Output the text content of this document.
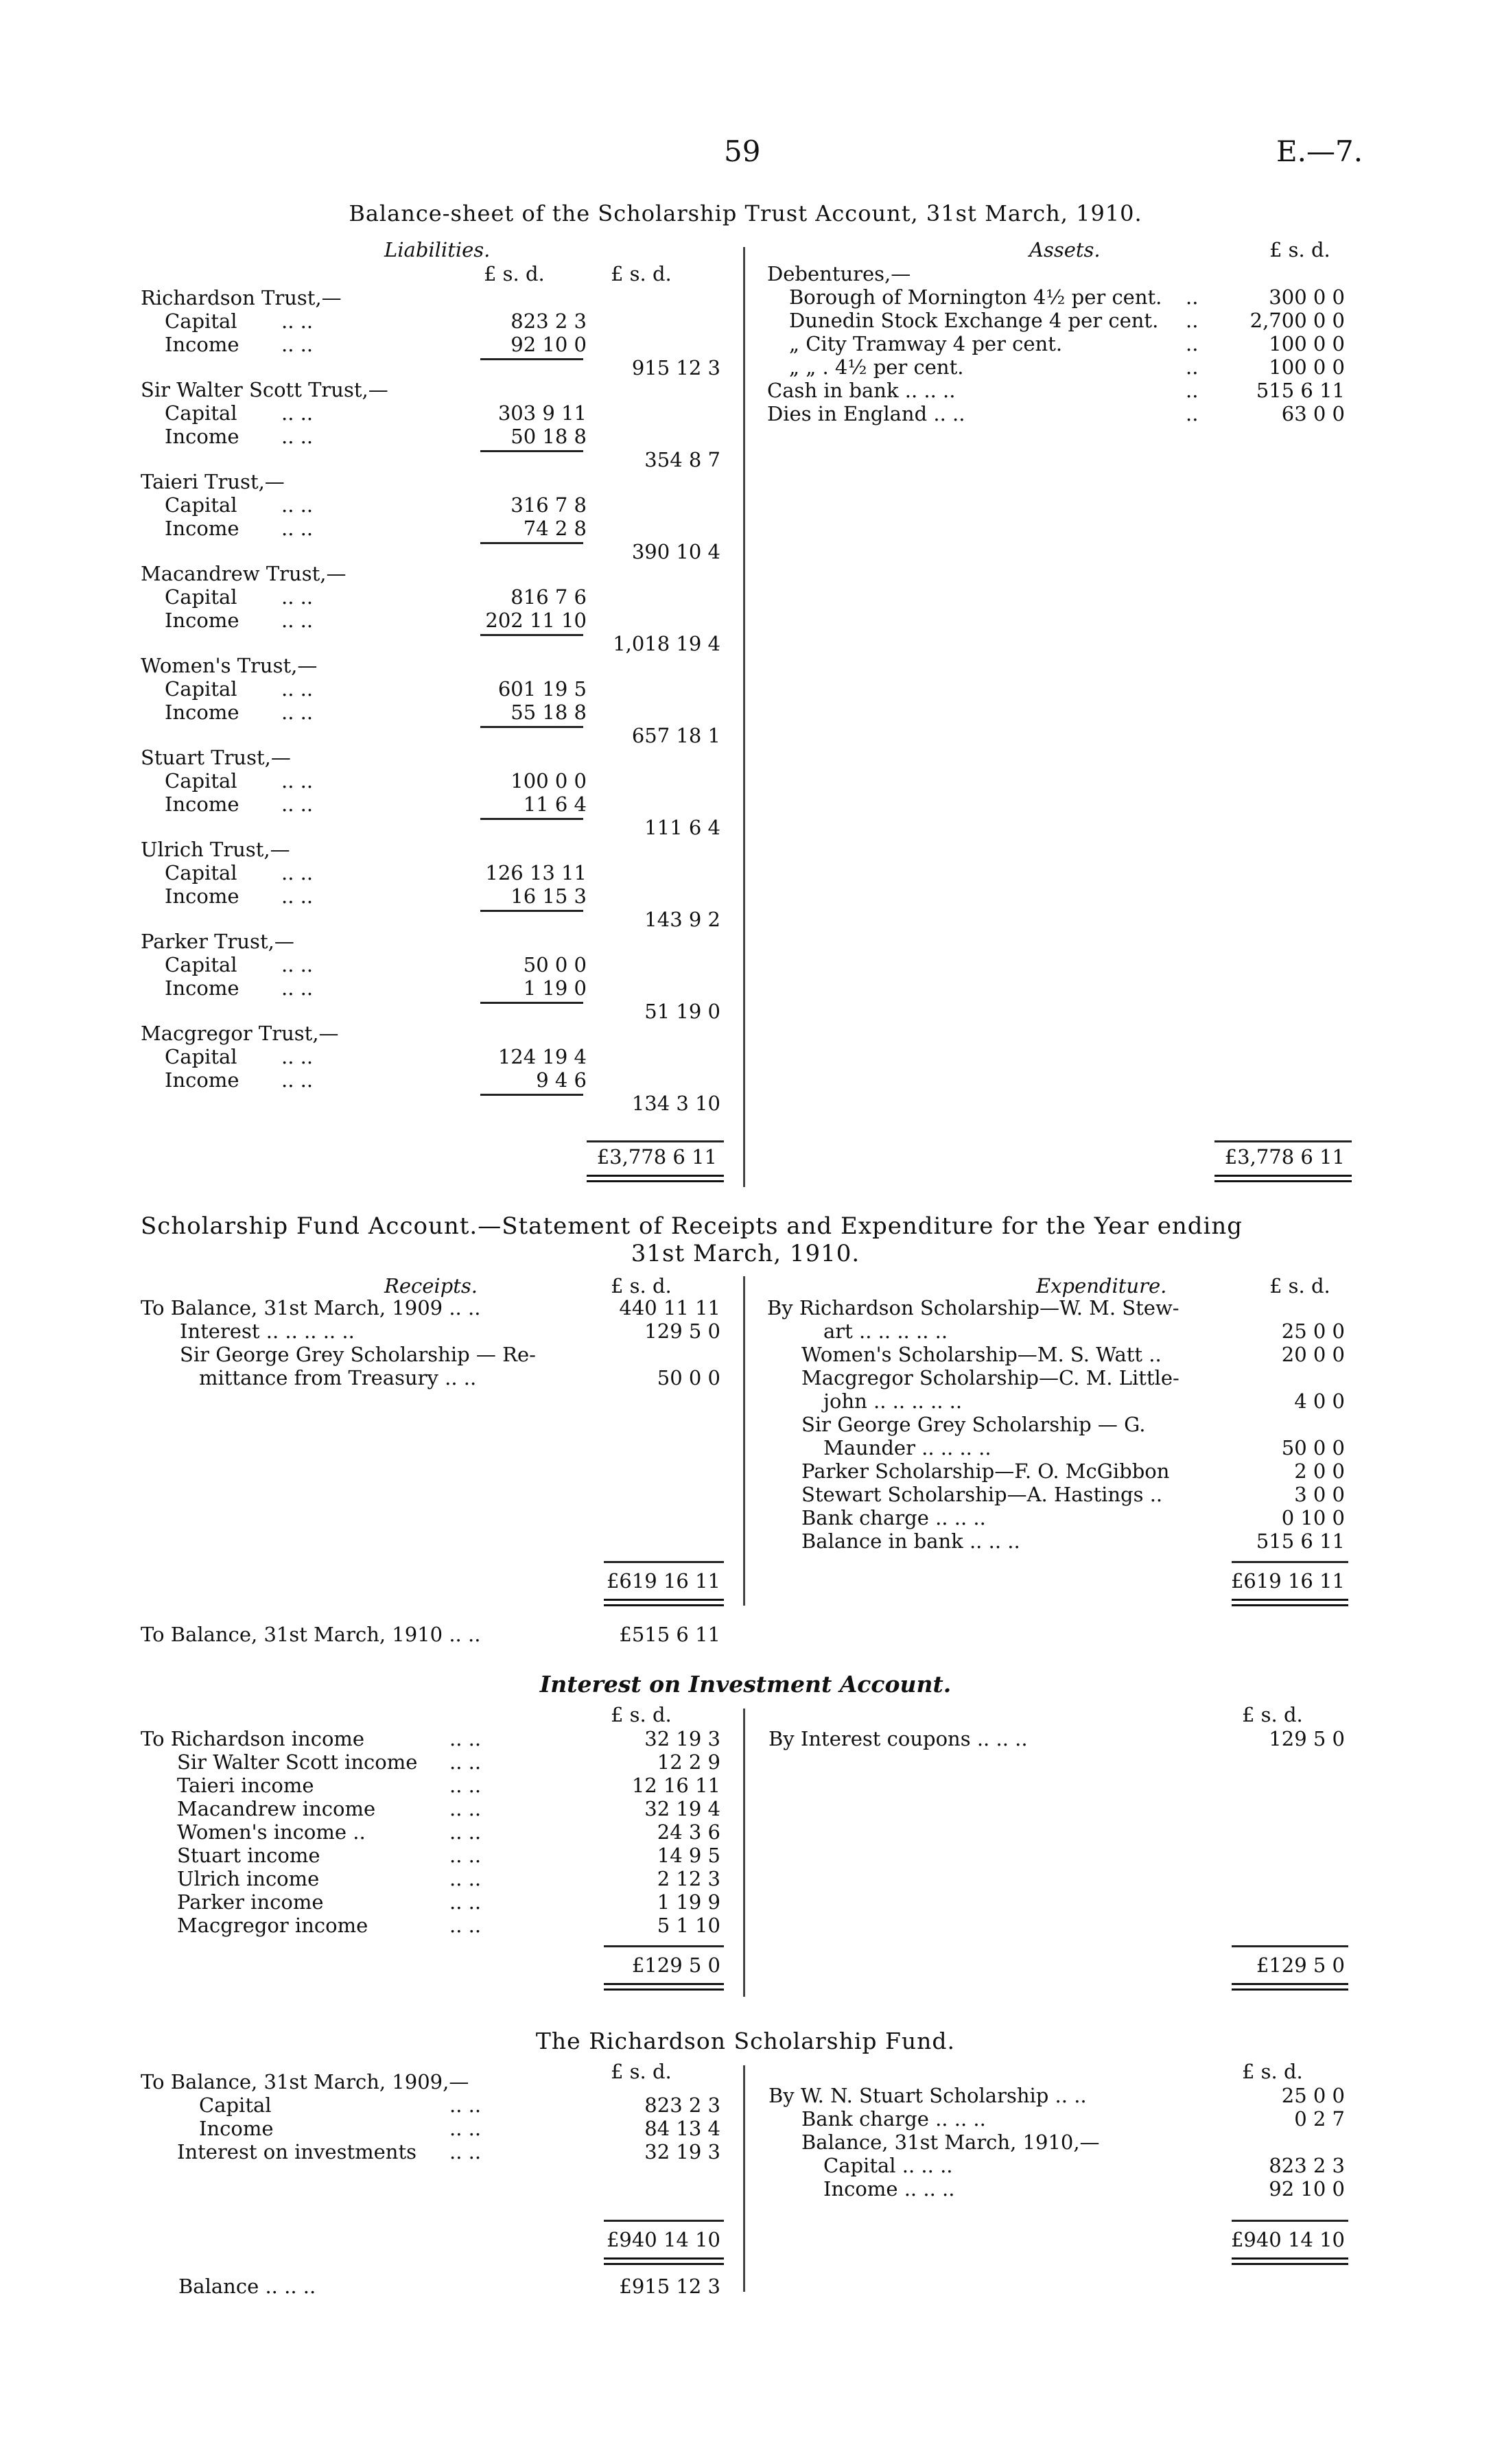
59	E.—7.
Balance-sheet of the Scholarship Trust Account, 31st March, 1910.
Liabilities.
£ s. d.	£ s. d.
Assets.	£ s. d.
Richardson Trust,—
Capital .. ..	823 2 3
Income .. ..	92 10 0
915 12 3
Sir Walter Scott Trust,—
Capital .. ..	303 9 11
Income .. ..	50 18 8
354 8 7
Taieri Trust,—
Capital .. ..	316 7 8
Income .. ..	74 2 8
390 10 4
Macandrew Trust,—
Capital .. ..	816 7 6
Income .. ..	202 11 10
1,018 19 4
Women's Trust,—
Capital .. ..	601 19 5
Income .. ..	55 18 8
657 18 1
Stuart Trust,—
Capital .. ..	100 0 0
Income .. ..	11 6 4
111 6 4
Ulrich Trust,—
Capital .. ..	126 13 11
Income .. ..	16 15 3
143 9 2
Parker Trust,—
Capital .. ..	50 0 0
Income .. ..	1 19 0
51 19 0
Macgregor Trust,—
Capital .. ..	124 19 4
Income .. ..	9 4 6
134 3 10
£3,778 6 11
Debentures,—
Borough of Mornington 4½ per cent. ..	300 0 0
Dunedin Stock Exchange 4 per cent. ..	2,700 0 0
„ City Tramway 4 per cent.	..	100 0 0
„ „ . 4½ per cent.	..	100 0 0
Cash in bank .. .. ..	..	515 6 11
Dies in England .. ..	..	63 0 0
£3,778 6 11
Scholarship Fund Account.—Statement of Receipts and Expenditure for the Year ending
31st March, 1910.
Receipts.	£ s. d.	Expenditure.	£ s. d.
To Balance, 31st March, 1909 .. ..	440 11 11
Interest .. .. .. .. ..	129 5 0
Sir George Grey Scholarship — Re-
mittance from Treasury .. ..	50 0 0
By Richardson Scholarship—W. M. Stew-
art .. .. .. .. ..	25 0 0
Women's Scholarship—M. S. Watt ..	20 0 0
Macgregor Scholarship—C. M. Little-
john .. .. .. .. ..	4 0 0
Sir George Grey Scholarship — G.
Maunder .. .. .. ..	50 0 0
Parker Scholarship—F. O. McGibbon	2 0 0
Stewart Scholarship—A. Hastings ..	3 0 0
Bank charge .. .. ..	0 10 0
Balance in bank .. .. ..	515 6 11
£619 16 11	£619 16 11
To Balance, 31st March, 1910 .. ..	£515 6 11
Interest on Investment Account.
£ s. d.	£ s. d.
To Richardson income	.. ..	32 19 3
Sir Walter Scott income .. ..	12 2 9
Taieri income	.. ..	12 16 11
Macandrew income	.. ..	32 19 4
Women's income ..	.. ..	24 3 6
Stuart income	.. ..	14 9 5
Ulrich income	.. ..	2 12 3
Parker income	.. ..	1 19 9
Macgregor income	.. ..	5 1 10
By Interest coupons .. .. ..	129 5 0
£129 5 0	£129 5 0
The Richardson Scholarship Fund.
£ s. d.	£ s. d.
To Balance, 31st March, 1909,—
Capital	.. ..	823 2 3
Income	.. ..	84 13 4
Interest on investments .. ..	32 19 3
By W. N. Stuart Scholarship .. ..	25 0 0
Bank charge .. .. ..	0 2 7
Balance, 31st March, 1910,—
Capital .. .. ..	823 2 3
Income .. .. ..	92 10 0
£940 14 10	£940 14 10
Balance .. .. ..	£915 12 3
